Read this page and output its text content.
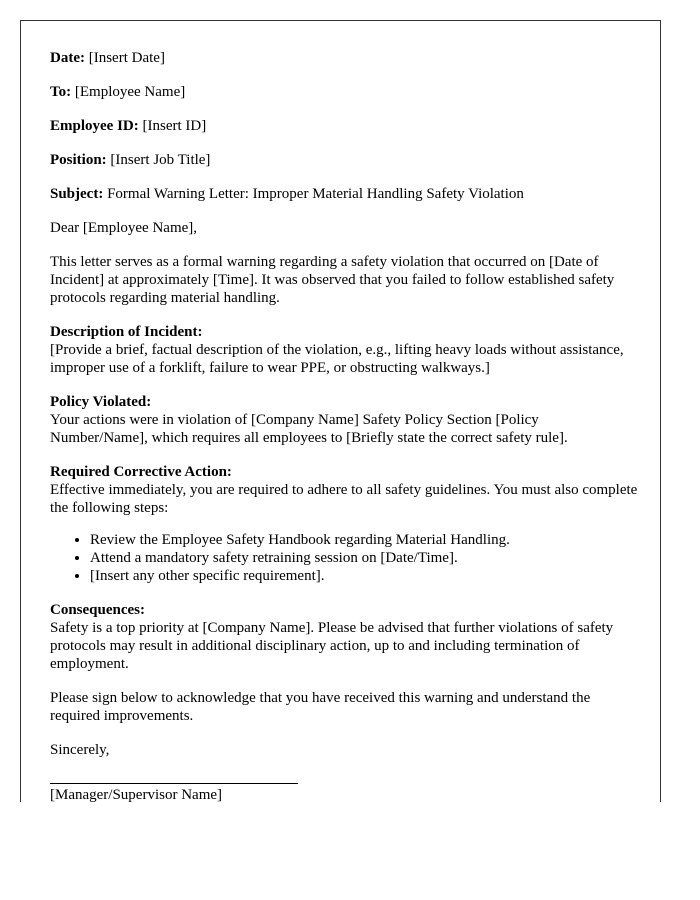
Date: [Insert Date]

To: [Employee Name]

Employee ID: [Insert ID]

Position: [Insert Job Title]

Subject: Formal Warning Letter: Improper Material Handling Safety Violation

Dear [Employee Name],

This letter serves as a formal warning regarding a safety violation that occurred on [Date of Incident] at approximately [Time]. It was observed that you failed to follow established safety protocols regarding material handling.

Description of Incident:
[Provide a brief, factual description of the violation, e.g., lifting heavy loads without assistance, improper use of a forklift, failure to wear PPE, or obstructing walkways.]

Policy Violated:
Your actions were in violation of [Company Name] Safety Policy Section [Policy Number/Name], which requires all employees to [Briefly state the correct safety rule].

Required Corrective Action:
Effective immediately, you are required to adhere to all safety guidelines. You must also complete the following steps:

• Review the Employee Safety Handbook regarding Material Handling.
• Attend a mandatory safety retraining session on [Date/Time].
• [Insert any other specific requirement].

Consequences:
Safety is a top priority at [Company Name]. Please be advised that further violations of safety protocols may result in additional disciplinary action, up to and including termination of employment.

Please sign below to acknowledge that you have received this warning and understand the required improvements.

Sincerely,

[Manager/Supervisor Name]
